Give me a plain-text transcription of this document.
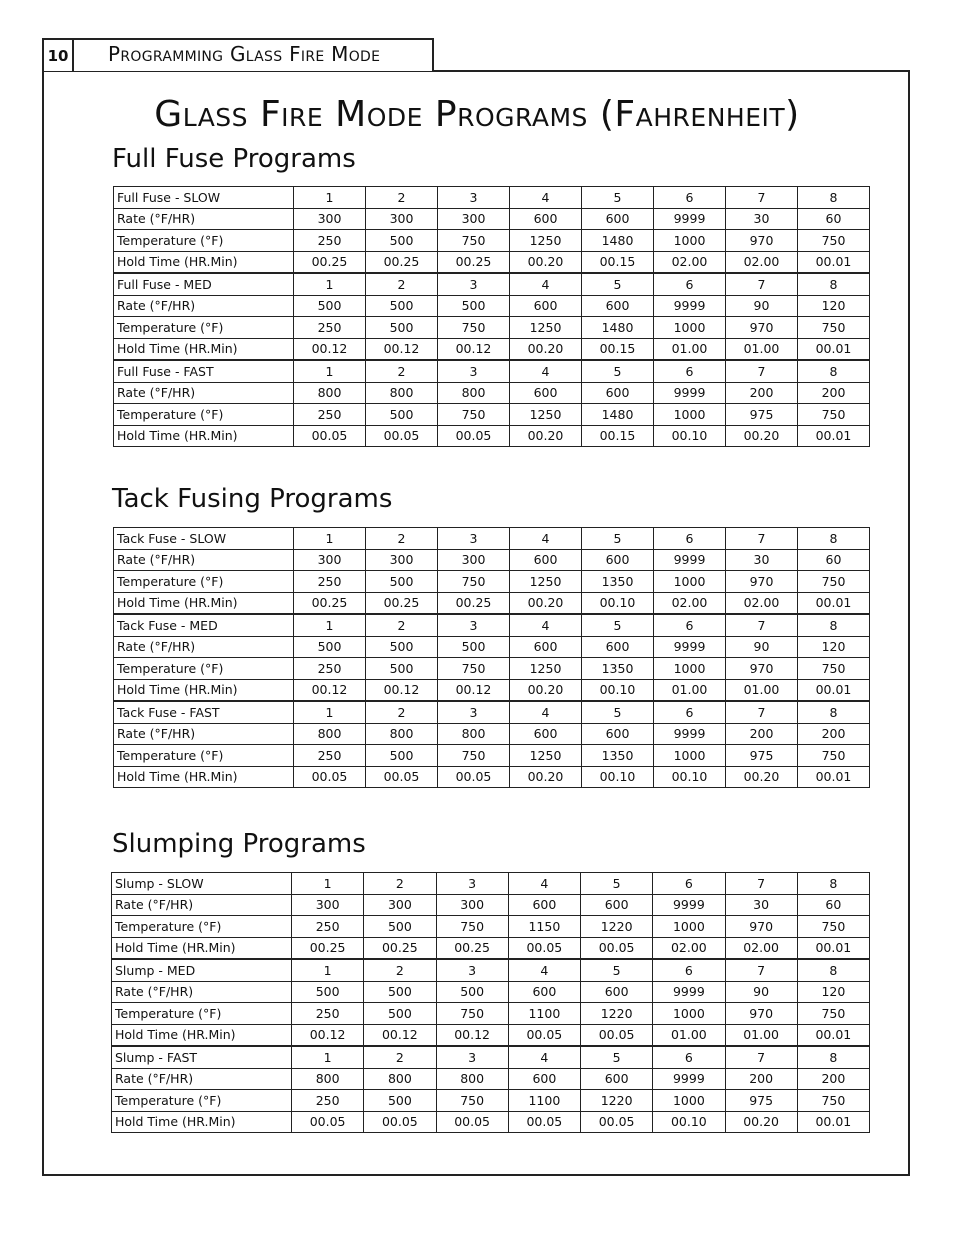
10 Programming Glass Fire Mode
Glass Fire Mode Programs (Fahrenheit)
Full Fuse Programs
Full Fuse - SLOW	1	2	3	4	5	6	7	8
Rate (°F/HR)	300	300	300	600	600	9999	30	60
Temperature (°F)	250	500	750	1250	1480	1000	970	750
Hold Time (HR.Min)	00.25	00.25	00.25	00.20	00.15	02.00	02.00	00.01
Full Fuse - MED	1	2	3	4	5	6	7	8
Rate (°F/HR)	500	500	500	600	600	9999	90	120
Temperature (°F)	250	500	750	1250	1480	1000	970	750
Hold Time (HR.Min)	00.12	00.12	00.12	00.20	00.15	01.00	01.00	00.01
Full Fuse - FAST	1	2	3	4	5	6	7	8
Rate (°F/HR)	800	800	800	600	600	9999	200	200
Temperature (°F)	250	500	750	1250	1480	1000	975	750
Hold Time (HR.Min)	00.05	00.05	00.05	00.20	00.15	00.10	00.20	00.01
Tack Fusing Programs
Tack Fuse - SLOW	1	2	3	4	5	6	7	8
Rate (°F/HR)	300	300	300	600	600	9999	30	60
Temperature (°F)	250	500	750	1250	1350	1000	970	750
Hold Time (HR.Min)	00.25	00.25	00.25	00.20	00.10	02.00	02.00	00.01
Tack Fuse - MED	1	2	3	4	5	6	7	8
Rate (°F/HR)	500	500	500	600	600	9999	90	120
Temperature (°F)	250	500	750	1250	1350	1000	970	750
Hold Time (HR.Min)	00.12	00.12	00.12	00.20	00.10	01.00	01.00	00.01
Tack Fuse - FAST	1	2	3	4	5	6	7	8
Rate (°F/HR)	800	800	800	600	600	9999	200	200
Temperature (°F)	250	500	750	1250	1350	1000	975	750
Hold Time (HR.Min)	00.05	00.05	00.05	00.20	00.10	00.10	00.20	00.01
Slumping Programs
Slump - SLOW	1	2	3	4	5	6	7	8
Rate (°F/HR)	300	300	300	600	600	9999	30	60
Temperature (°F)	250	500	750	1150	1220	1000	970	750
Hold Time (HR.Min)	00.25	00.25	00.25	00.05	00.05	02.00	02.00	00.01
Slump - MED	1	2	3	4	5	6	7	8
Rate (°F/HR)	500	500	500	600	600	9999	90	120
Temperature (°F)	250	500	750	1100	1220	1000	970	750
Hold Time (HR.Min)	00.12	00.12	00.12	00.05	00.05	01.00	01.00	00.01
Slump - FAST	1	2	3	4	5	6	7	8
Rate (°F/HR)	800	800	800	600	600	9999	200	200
Temperature (°F)	250	500	750	1100	1220	1000	975	750
Hold Time (HR.Min)	00.05	00.05	00.05	00.05	00.05	00.10	00.20	00.01
